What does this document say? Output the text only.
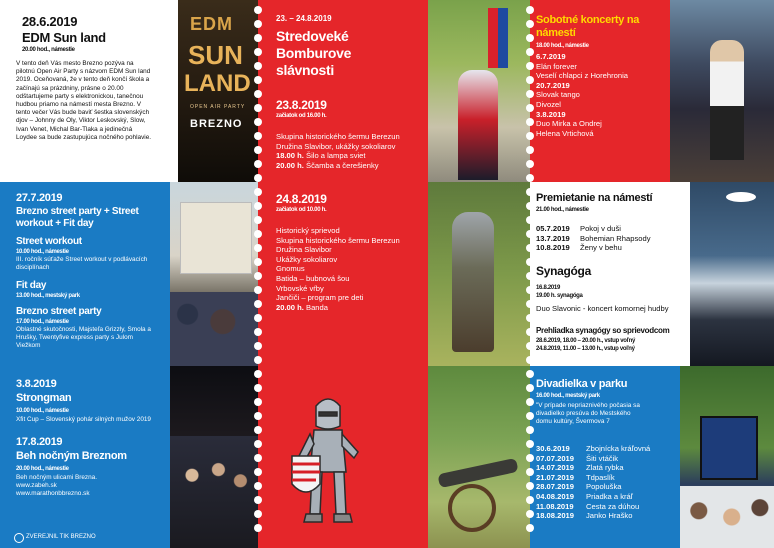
28.6.2019

EDM Sun land

20.00 hod., námestie

V tento deň Vás mesto Brezno pozýva na

pilotnú Open Air Party s názvom EDM Sun land

2019. Oceňovaná, že v tento deň končí škola a

začínajú sa prázdniny, prásne o 20.00

odštartujeme party s elektronickou, tanečnou

hudbou priamo na námestí mesta Brezno. V

tento večer Vás bude baviť šestka slovenských

djov – Johnny de Oly, Viktor Leskovský, Slow,

Ivan Venet, Michal Bar-Tlaka a jedinečná

Loydee sa bude zastupujúca nočného pohlavie.

EDM

SUN

LAND

OPEN AIR PARTY

BREZNO

27.7.2019

Brezno street party + Street

workout + Fit day

Street workout

10.00 hod., námestie

III. ročník súťaže Street workout v podlávacích

disciplínach

Fit day

13.00 hod., mestský park

Brezno street party

17.00 hod., námestie

Oblastné skutočnosti, Majsteľa Grizzly, Smola a

Hrušky, Twentyfive express party s Julom

Viežkom

3.8.2019

Strongman

10.00 hod., námestie

Xfit Cup – Slovenský pohár silných mužov 2019

17.8.2019

Beh nočným Breznom

20.00 hod., námestie

Beh nočným ulicami Brezna.

www.zabeh.sk

www.marathonbbrezno.sk

ZVEREJNIL TIK BREZNO

23. – 24.8.2019

Stredoveké

Bomburove

slávnosti

23.8.2019

začiatok od 16.00 h.

Skupina historického šermu Berezun

Družina Slavibor, ukážky sokoliarov

18.00 h. Šilo a lampa sviet

20.00 h. Ščamba a čerešienky

24.8.2019

začiatok od 10.00 h.

Historický sprievod

Skupina historického šermu Berezun

Družina Slavibor

Ukážky sokoliarov

Gnomus

Batida – bubnová šou

Vrbovské vŕby

Jančiči – program pre deti

20.00 h. Banda

Sobotné koncerty na

námestí

18.00 hod., námestie

6.7.2019

Elán forever

Veselí chlapci z Horehronia

20.7.2019

Slovak tango

Divozel

3.8.2019

Duo Mirka a Ondrej

Helena Vrtichová

Premietanie na námestí

21.00 hod., námestie

05.7.2019 Pokoj v duši

13.7.2019 Bohemian Rhapsody

10.8.2019 Ženy v behu

Synagóga

16.8.2019

19.00 h. synagóga

Duo Slavonic - koncert komornej hudby

Prehliadka synagógy so sprievodcom

28.6.2019, 18.00 – 20.00 h., vstup voľný

24.8.2019, 11.00 – 13.00 h., vstup voľný

Divadielka v parku

16.00 hod., mestský park

"V prípade nepriaznivého počasia sa

divadielko presúva do Mestského

domu kultúry, Švermova 7

30.6.2019 Zbojnícka kráľovná

07.07.2019 Šiti vtáčik

14.07.2019 Zlatá rybka

21.07.2019 Tdpaslík

28.07.2019 Popoluška

04.08.2019 Priadka a kráľ

11.08.2019 Cesta za dúhou

18.08.2019 Janko Hraško
